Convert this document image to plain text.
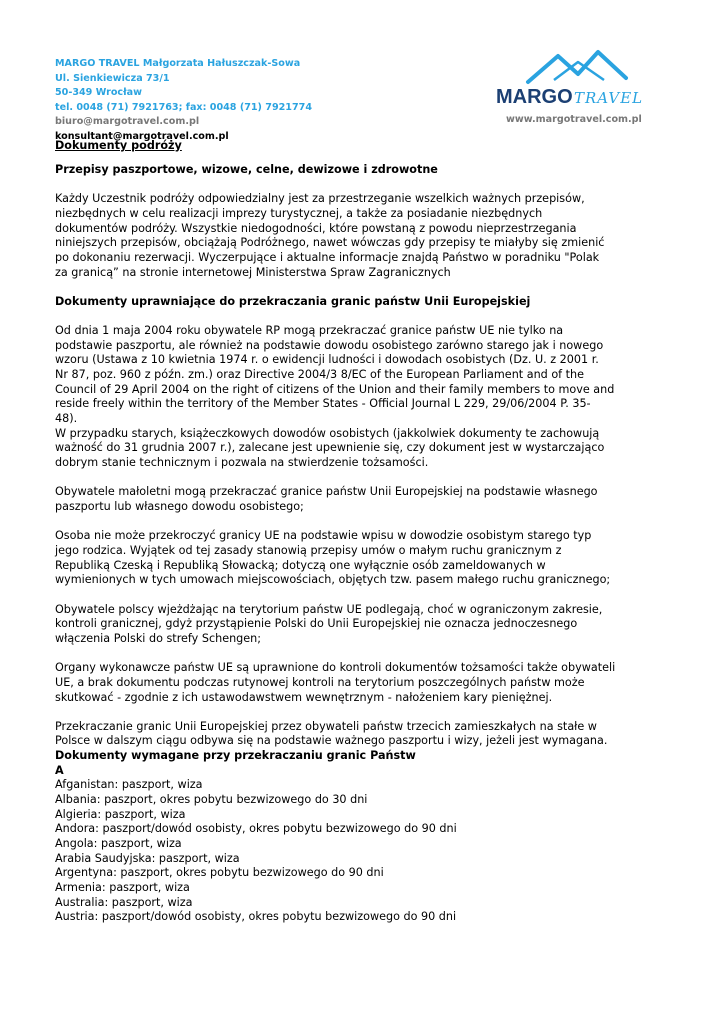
MARGO TRAVEL Małgorzata Hałuszczak-Sowa
Ul. Sienkiewicza 73/1
50-349 Wrocław
tel. 0048 (71) 7921763; fax: 0048 (71) 7921774
biuro@margotravel.com.pl
konsultant@margotravel.com.pl
MARGO TRAVEL
www.margotravel.com.pl
Dokumenty podróży

Przepisy paszportowe, wizowe, celne, dewizowe i zdrowotne

Każdy Uczestnik podróży odpowiedzialny jest za przestrzeganie wszelkich ważnych przepisów,
niezbędnych w celu realizacji imprezy turystycznej, a także za posiadanie niezbędnych
dokumentów podróży. Wszystkie niedogodności, które powstaną z powodu nieprzestrzegania
niniejszych przepisów, obciążają Podróżnego, nawet wówczas gdy przepisy te miałyby się zmienić
po dokonaniu rezerwacji. Wyczerpujące i aktualne informacje znajdą Państwo w poradniku "Polak
za granicą” na stronie internetowej Ministerstwa Spraw Zagranicznych

Dokumenty uprawniające do przekraczania granic państw Unii Europejskiej

Od dnia 1 maja 2004 roku obywatele RP mogą przekraczać granice państw UE nie tylko na
podstawie paszportu, ale również na podstawie dowodu osobistego zarówno starego jak i nowego
wzoru (Ustawa z 10 kwietnia 1974 r. o ewidencji ludności i dowodach osobistych (Dz. U. z 2001 r.
Nr 87, poz. 960 z późn. zm.) oraz Directive 2004/3 8/EC of the European Parliament and of the
Council of 29 April 2004 on the right of citizens of the Union and their family members to move and
reside freely within the territory of the Member States - Official Journal L 229, 29/06/2004 P. 35-
48).
W przypadku starych, książeczkowych dowodów osobistych (jakkolwiek dokumenty te zachowują
ważność do 31 grudnia 2007 r.), zalecane jest upewnienie się, czy dokument jest w wystarczająco
dobrym stanie technicznym i pozwala na stwierdzenie tożsamości.
Obywatele małoletni mogą przekraczać granice państw Unii Europejskiej na podstawie własnego
paszportu lub własnego dowodu osobistego;
Osoba nie może przekroczyć granicy UE na podstawie wpisu w dowodzie osobistym starego typ
jego rodzica. Wyjątek od tej zasady stanowią przepisy umów o małym ruchu granicznym z
Republiką Czeską i Republiką Słowacką; dotyczą one wyłącznie osób zameldowanych w
wymienionych w tych umowach miejscowościach, objętych tzw. pasem małego ruchu granicznego;
Obywatele polscy wjeżdżając na terytorium państw UE podlegają, choć w ograniczonym zakresie,
kontroli granicznej, gdyż przystąpienie Polski do Unii Europejskiej nie oznacza jednoczesnego
włączenia Polski do strefy Schengen;
Organy wykonawcze państw UE są uprawnione do kontroli dokumentów tożsamości także obywateli
UE, a brak dokumentu podczas rutynowej kontroli na terytorium poszczególnych państw może
skutkować - zgodnie z ich ustawodawstwem wewnętrznym - nałożeniem kary pieniężnej.
Przekraczanie granic Unii Europejskiej przez obywateli państw trzecich zamieszkałych na stałe w
Polsce w dalszym ciągu odbywa się na podstawie ważnego paszportu i wizy, jeżeli jest wymagana.

Dokumenty wymagane przy przekraczaniu granic Państw

A

Afganistan: paszport, wiza
Albania: paszport, okres pobytu bezwizowego do 30 dni
Algieria: paszport, wiza
Andora: paszport/dowód osobisty, okres pobytu bezwizowego do 90 dni
Angola: paszport, wiza
Arabia Saudyjska: paszport, wiza
Argentyna: paszport, okres pobytu bezwizowego do 90 dni
Armenia: paszport, wiza
Australia: paszport, wiza
Austria: paszport/dowód osobisty, okres pobytu bezwizowego do 90 dni
